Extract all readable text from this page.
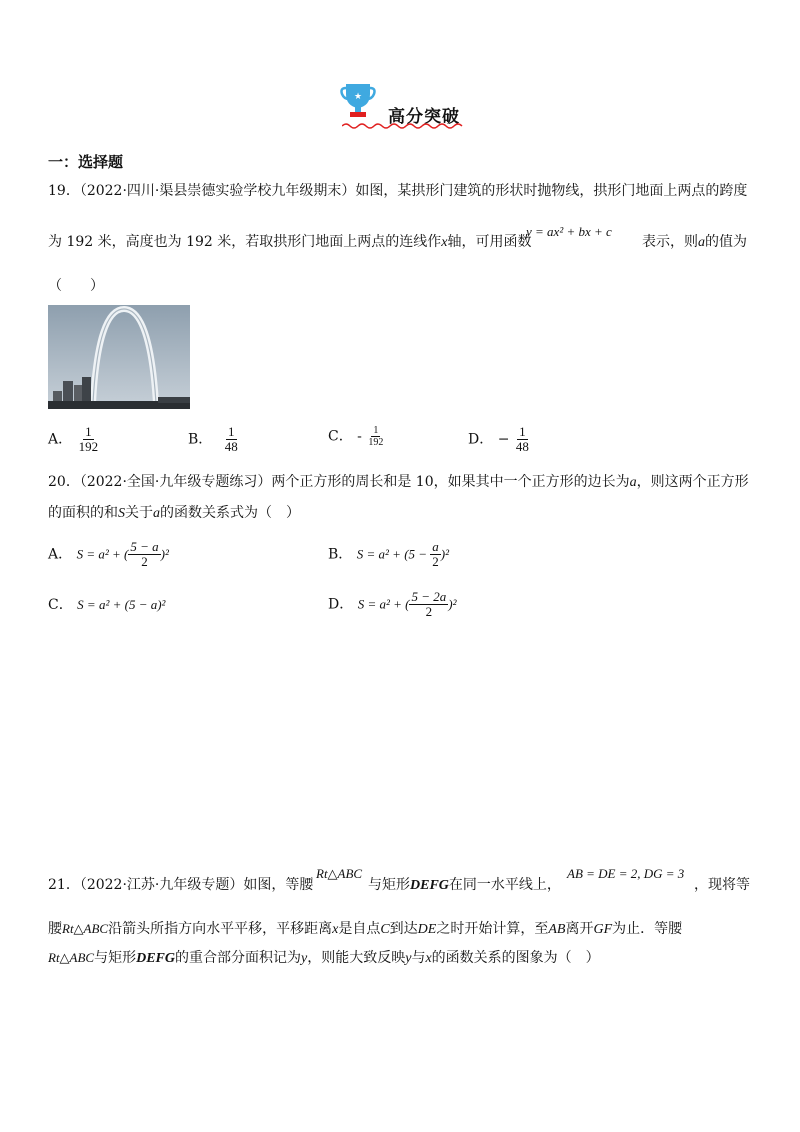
★
高分突破
一：选择题
19．（2022·四川·渠县崇德实验学校九年级期末）如图，某拱形门建筑的形状时抛物线，拱形门地面上两点的跨度
为 192 米，高度也为 192 米，若取拱形门地面上两点的连线作x轴，可用函数
y = ax² + bx + c
表示，则a的值为
（　　）
A． $\frac{1}{192}$	B． $\frac{1}{48}$	C． - $\frac{1}{192}$	D． − $\frac{1}{48}$
20．（2022·全国·九年级专题练习）两个正方形的周长和是 10，如果其中一个正方形的边长为a，则这两个正方形
的面积的和S关于a的函数关系式为（　）
A． S = a² + ( $\frac{5 - a}{2} )^2$	B． $S = a^2 + (5 - \frac{a}{2} )^2$
C． S = a² + (5 − a)²	D． S = a² + ( $\frac{5 - 2a}{2} )^2$
21．（2022·江苏·九年级专题）如图，等腰
Rt△ABC
与矩形DEFG在同一水平线上，
AB = DE = 2, DG = 3
，现将等
腰Rt△ABC沿箭头所指方向水平平移，平移距离x是自点C到达DE之时开始计算，至AB离开GF为止．等腰
Rt△ABC与矩形DEFG的重合部分面积记为y，则能大致反映y与x的函数关系的图象为（　）
